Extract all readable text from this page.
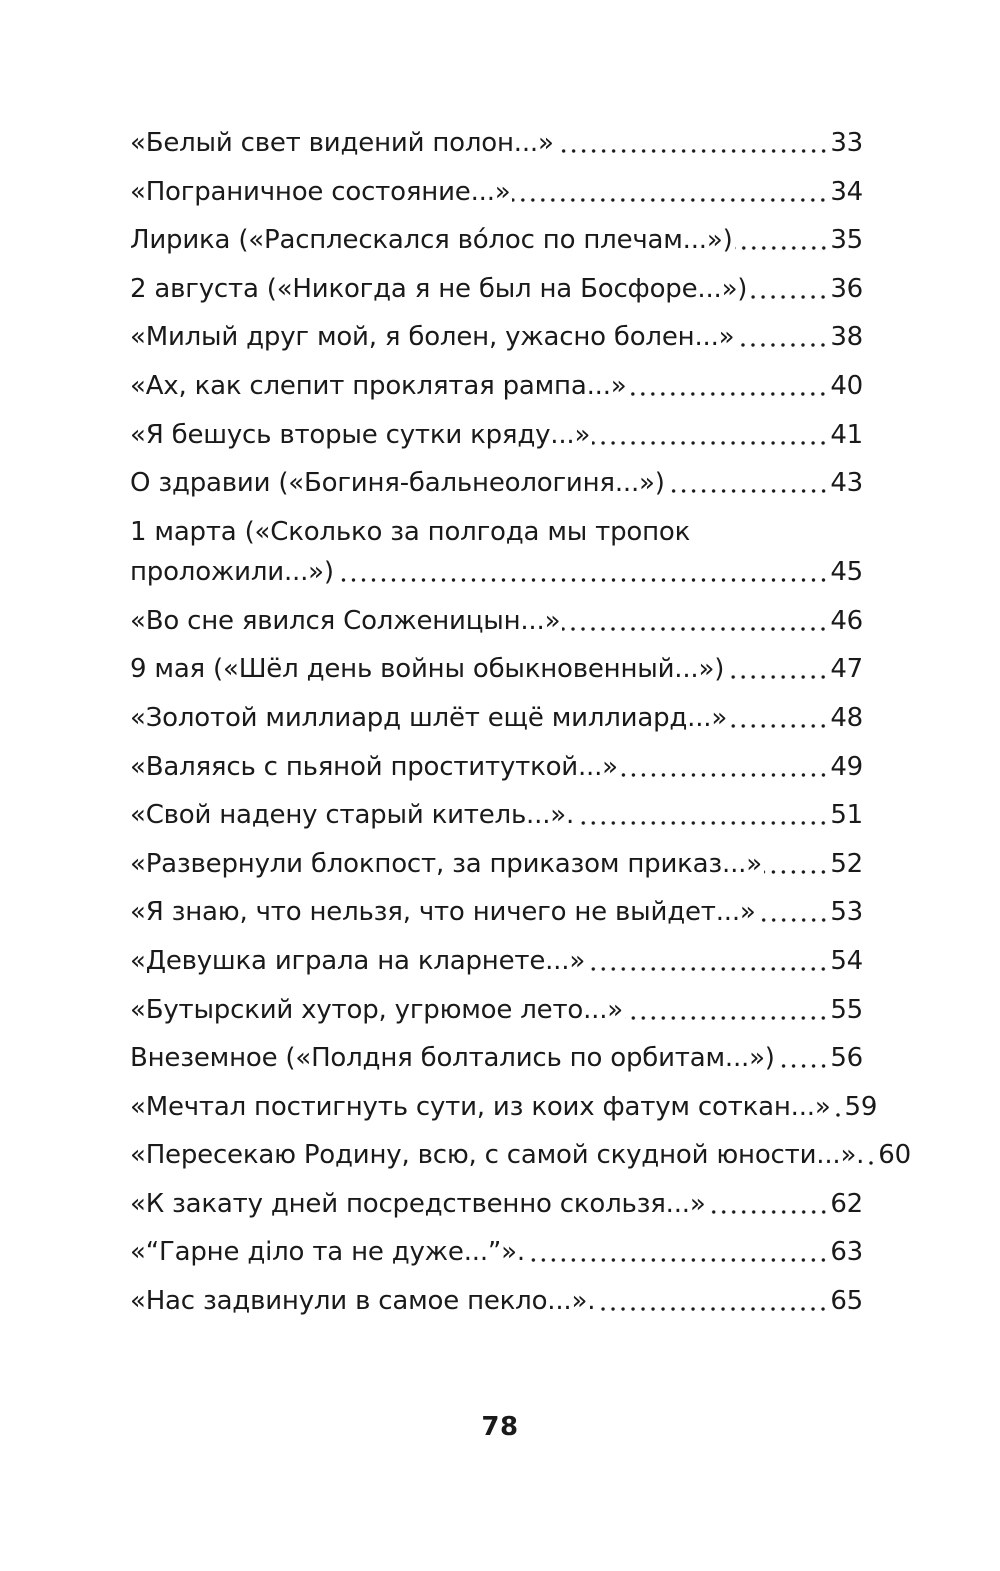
«Белый свет видений полон...»	33
«Пограничное состояние...»	34
Лирика («Расплескался во́лос по плечам...»)	35
2 августа («Никогда я не был на Босфоре...»)	36
«Милый друг мой, я болен, ужасно болен...»	38
«Ах, как слепит проклятая рампа...»	40
«Я бешусь вторые сутки кряду...»	41
О здравии («Богиня-бальнеологиня...»)	43
1 марта («Сколько за полгода мы тропок
проложили...»)	45
«Во сне явился Солженицын...»	46
9 мая («Шёл день войны обыкновенный...»)	47
«Золотой миллиард шлёт ещё миллиард...»	48
«Валяясь с пьяной проституткой...»	49
«Свой надену старый китель...».	51
«Развернули блокпост, за приказом приказ...»	52
«Я знаю, что нельзя, что ничего не выйдет...»	53
«Девушка играла на кларнете...»	54
«Бутырский хутор, угрюмое лето...»	55
Внеземное («Полдня болтались по орбитам...») 56
«Мечтал постигнуть сути, из коих фатум соткан...» 59
«Пересекаю Родину, всю, с самой скудной юности...». 60
«К закату дней посредственно скользя...»	62
«“Гарне діло та не дуже...”».	63
«Нас задвинули в самое пекло...».	65
78
